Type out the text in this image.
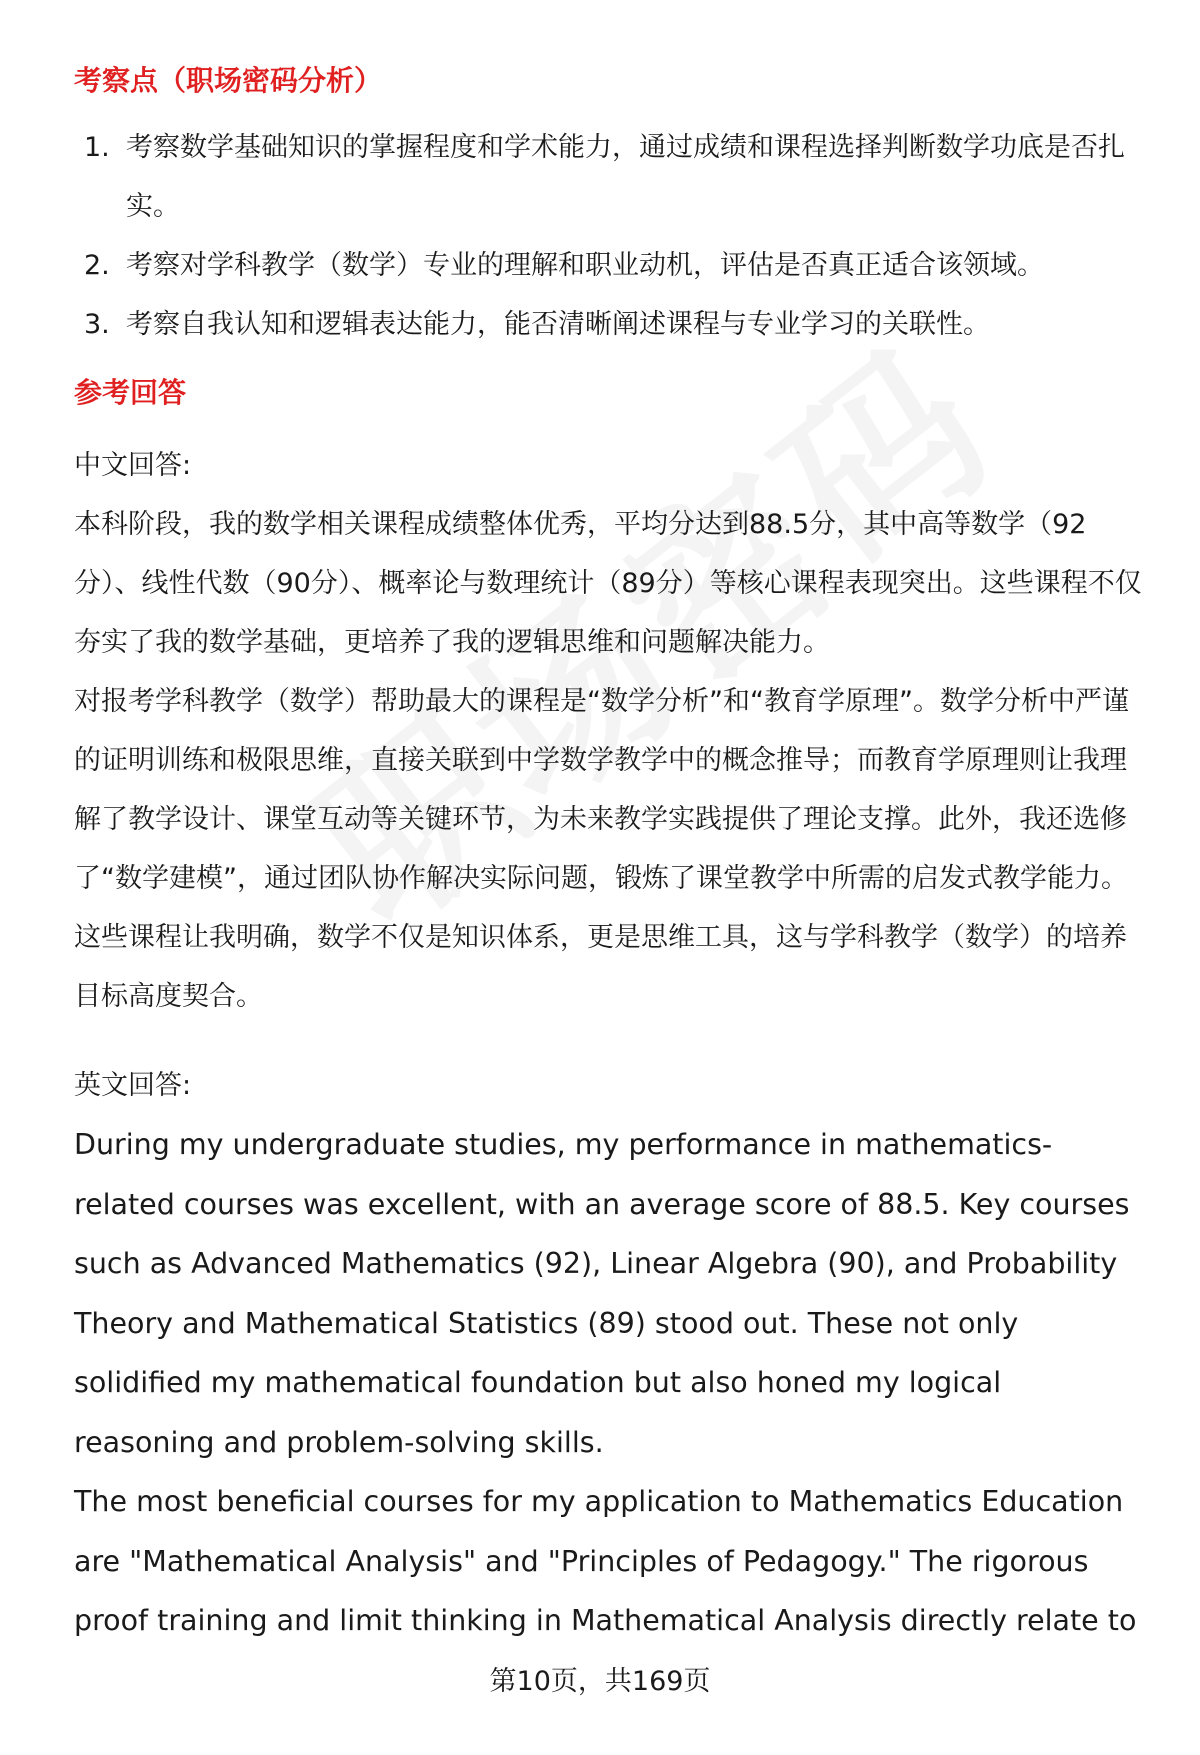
考察点（职场密码分析）
1. 考察数学基础知识的掌握程度和学术能力，通过成绩和课程选择判断数学功底是否扎实。
2. 考察对学科教学（数学）专业的理解和职业动机，评估是否真正适合该领域。
3. 考察自我认知和逻辑表达能力，能否清晰阐述课程与专业学习的关联性。
参考回答
中文回答:

本科阶段，我的数学相关课程成绩整体优秀，平均分达到88.5分，其中高等数学（92分）、线性代数（90分）、概率论与数理统计（89分）等核心课程表现突出。这些课程不仅夯实了我的数学基础，更培养了我的逻辑思维和问题解决能力。

对报考学科教学（数学）帮助最大的课程是“数学分析”和“教育学原理”。数学分析中严谨的证明训练和极限思维，直接关联到中学数学教学中的概念推导；而教育学原理则让我理解了教学设计、课堂互动等关键环节，为未来教学实践提供了理论支撑。此外，我还选修了“数学建模”，通过团队协作解决实际问题，锻炼了课堂教学中所需的启发式教学能力。这些课程让我明确，数学不仅是知识体系，更是思维工具，这与学科教学（数学）的培养目标高度契合。

英文回答:

During my undergraduate studies, my performance in mathematics-related courses was excellent, with an average score of 88.5. Key courses such as Advanced Mathematics (92), Linear Algebra (90), and Probability Theory and Mathematical Statistics (89) stood out. These not only solidified my mathematical foundation but also honed my logical reasoning and problem-solving skills.

The most beneficial courses for my application to Mathematics Education are "Mathematical Analysis" and "Principles of Pedagogy." The rigorous proof training and limit thinking in Mathematical Analysis directly relate to

第10页，共169页
